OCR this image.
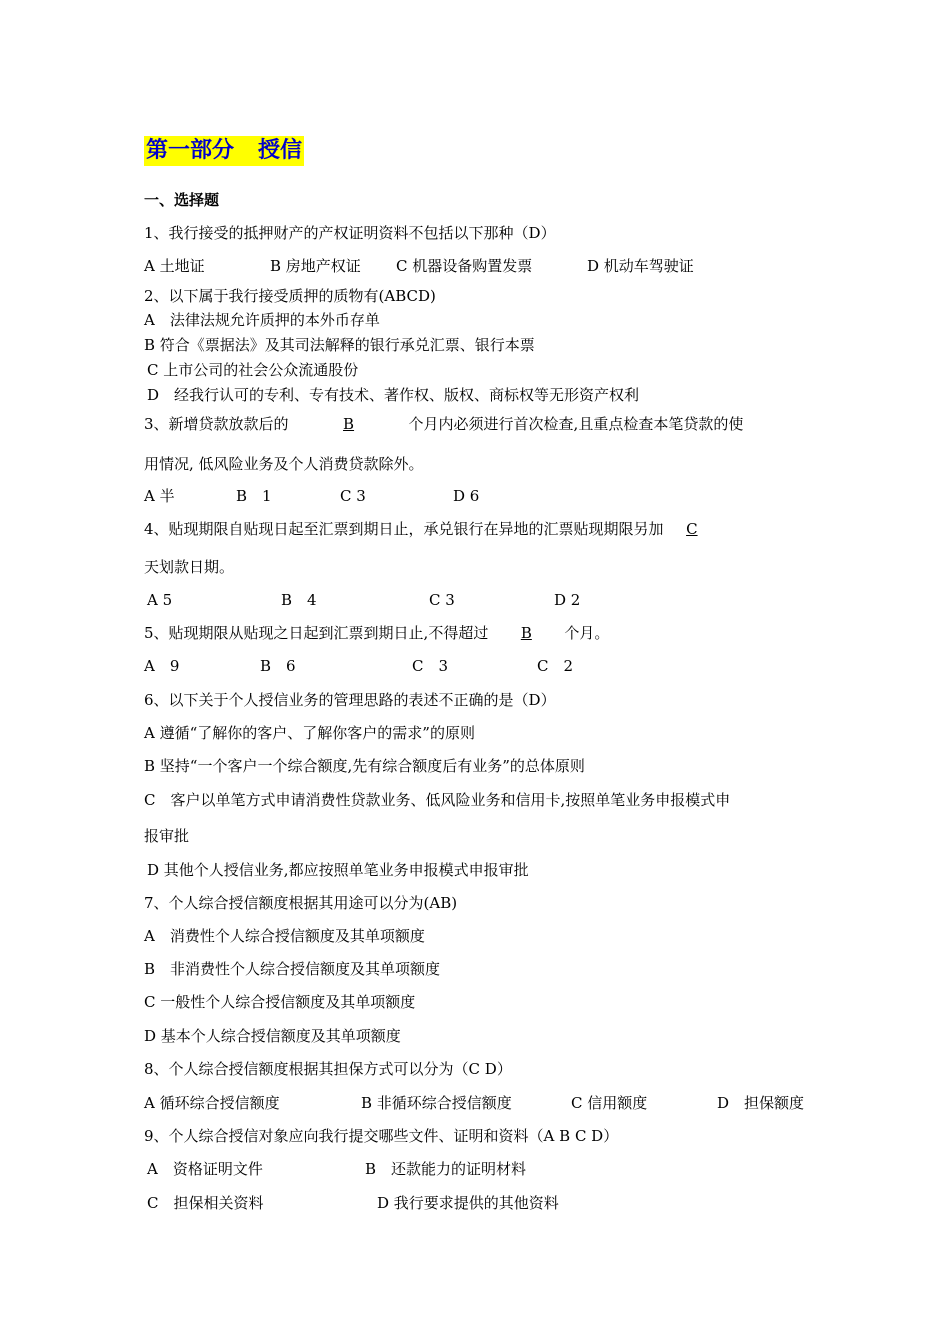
第一部分 授信
一、选择题
1、我行接受的抵押财产的产权证明资料不包括以下那种（D）
A 土地证	B 房地产权证 C 机器设备购置发票	D 机动车驾驶证
2、以下属于我行接受质押的质物有(ABCD)
A　法律法规允许质押的本外币存单
B 符合《票据法》及其司法解释的银行承兑汇票、银行本票
C 上市公司的社会公众流通股份
D　经我行认可的专利、专有技术、著作权、版权、商标权等无形资产权利
3、新增贷款放款后的	B	个月内必须进行首次检查,且重点检查本笔贷款的使
用情况, 低风险业务及个人消费贷款除外。
A 半	B　1	C 3	D 6
4、贴现期限自贴现日起至汇票到期日止，承兑银行在异地的汇票贴现期限另加 C
天划款日期。
A 5	B　4	C 3	D 2
5、贴现期限从贴现之日起到汇票到期日止,不得超过 B 个月。
A　9	B　6	C　3	C　2
6、以下关于个人授信业务的管理思路的表述不正确的是（D）
A 遵循“了解你的客户、了解你客户的需求”的原则
B 坚持“一个客户一个综合额度,先有综合额度后有业务”的总体原则
C　客户以单笔方式申请消费性贷款业务、低风险业务和信用卡,按照单笔业务申报模式申
报审批
D 其他个人授信业务,都应按照单笔业务申报模式申报审批
7、个人综合授信额度根据其用途可以分为(AB)
A　消费性个人综合授信额度及其单项额度
B　非消费性个人综合授信额度及其单项额度
C 一般性个人综合授信额度及其单项额度
D 基本个人综合授信额度及其单项额度
8、个人综合授信额度根据其担保方式可以分为（C D）
A 循环综合授信额度	B 非循环综合授信额度	C 信用额度	D　担保额度
9、个人综合授信对象应向我行提交哪些文件、证明和资料（A B C D）
A　资格证明文件	B　还款能力的证明材料
C　担保相关资料	D 我行要求提供的其他资料
